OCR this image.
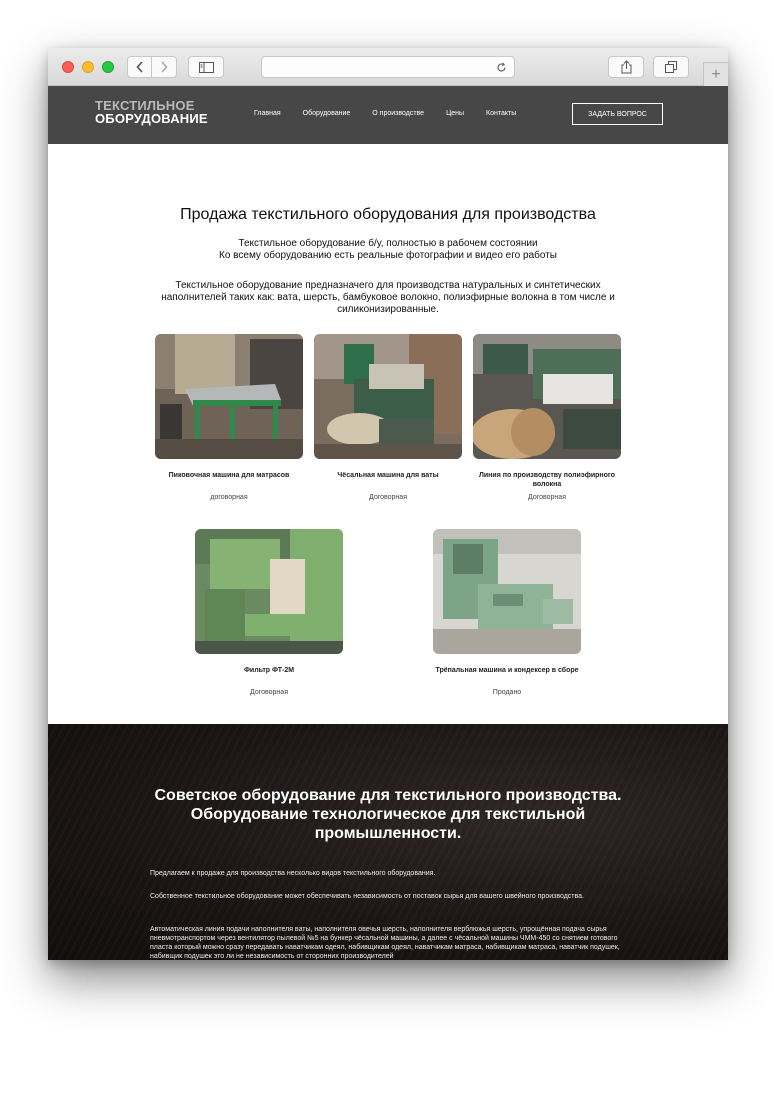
+
ТЕКСТИЛЬНОЕ
ОБОРУДОВАНИЕ	Главная	Оборудование	О производстве	Цены	Контакты	ЗАДАТЬ ВОПРОС
Продажа текстильного оборудования для производства
Текстильное оборудование б/у, полностью в рабочем состоянии
Ко всему оборудованию есть реальные фотографии и видео его работы
Текстильное оборудование предназначего для производства натуральных и синтетических наполнителей таких как: вата, шерсть, бамбуковое волокно, полиэфирные волокна в том числе и силиконизированные.
Пиковочная машина для матрасов
договорная
Чёсальная машина для ваты
Договорная
Линия по производству полиэфирного волокна
Договорная
Фильтр ФТ-2М
Договорная
Трёпальная машина и кондексер в сборе
Продано
Советское оборудование для текстильного производства. Оборудование технологическое для текстильной промышленности.

Предлагаем к продаже для производства несколько видов текстильного оборудования.

Собственное текстильное оборудование может обеспечивать независимость от поставок сырья для вашего швейного производства.

Автоматическая линия подачи наполнителя ваты, наполнителя овечья шерсть, наполнителя верблюжья шерсть, упрощённая подача сырья пневмотранспортом через вентилятор пылевой №5 на бункер чёсальной машины, а далее с чёсальной машины ЧММ-450 со снятием готового пласта который можно сразу передавать наватчикам одеял, набивщикам одеял, наватчикам матраса, набивщикам матраса, наватчик подушек, набивщик подушек это ли не независимость от сторонних производителей
